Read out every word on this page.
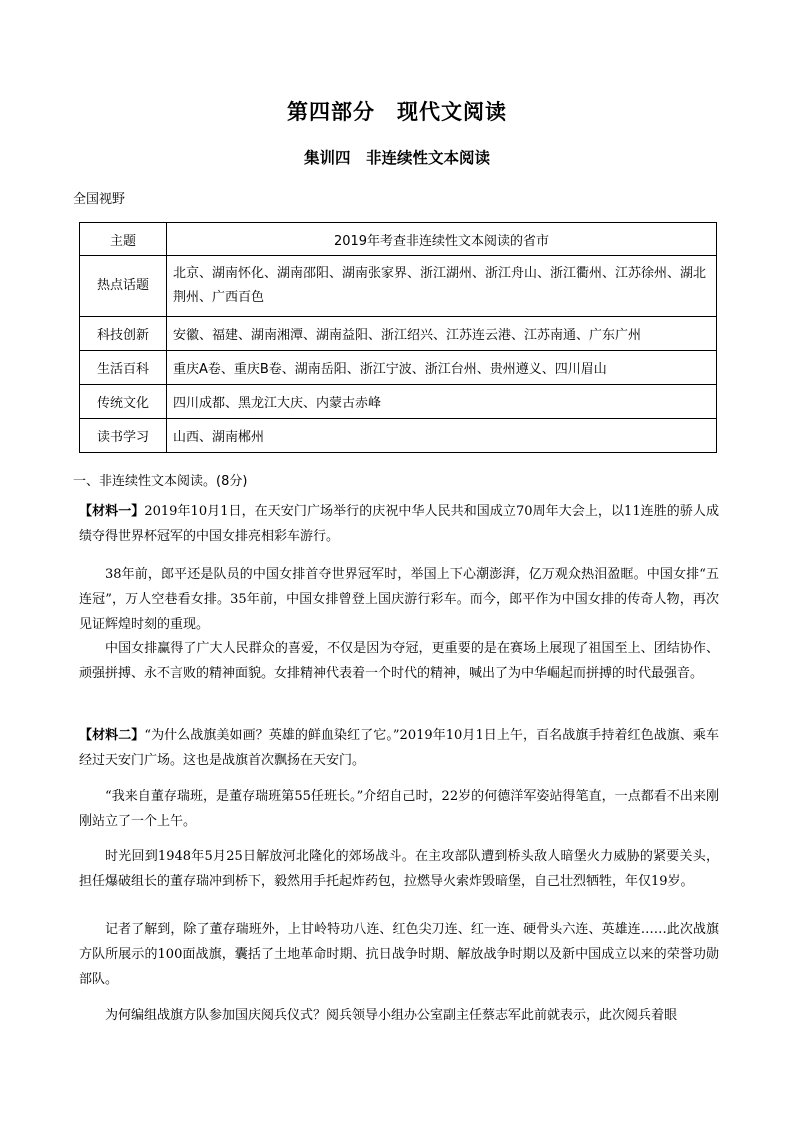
第四部分　现代文阅读
集训四　非连续性文本阅读
全国视野
主题	2019年考查非连续性文本阅读的省市
热点话题	北京、湖南怀化、湖南邵阳、湖南张家界、浙江湖州、浙江舟山、浙江衢州、江苏徐州、湖北荆州、广西百色
科技创新	安徽、福建、湖南湘潭、湖南益阳、浙江绍兴、江苏连云港、江苏南通、广东广州
生活百科	重庆A卷、重庆B卷、湖南岳阳、浙江宁波、浙江台州、贵州遵义、四川眉山
传统文化	四川成都、黑龙江大庆、内蒙古赤峰
读书学习	山西、湖南郴州
一、非连续性文本阅读。(8分)
【材料一】2019年10月1日，在天安门广场举行的庆祝中华人民共和国成立70周年大会上，以11连胜的骄人成绩夺得世界杯冠军的中国女排亮相彩车游行。
38年前，郎平还是队员的中国女排首夺世界冠军时，举国上下心潮澎湃，亿万观众热泪盈眶。中国女排“五连冠”，万人空巷看女排。35年前，中国女排曾登上国庆游行彩车。而今，郎平作为中国女排的传奇人物，再次见证辉煌时刻的重现。
中国女排赢得了广大人民群众的喜爱，不仅是因为夺冠，更重要的是在赛场上展现了祖国至上、团结协作、顽强拼搏、永不言败的精神面貌。女排精神代表着一个时代的精神，喊出了为中华崛起而拼搏的时代最强音。
【材料二】“为什么战旗美如画？英雄的鲜血染红了它。”2019年10月1日上午，百名战旗手持着红色战旗、乘车经过天安门广场。这也是战旗首次飘扬在天安门。
“我来自董存瑞班，是董存瑞班第55任班长。”介绍自己时，22岁的何德洋军姿站得笔直，一点都看不出来刚刚站立了一个上午。
时光回到1948年5月25日解放河北隆化的郊场战斗。在主攻部队遭到桥头敌人暗堡火力威胁的紧要关头，担任爆破组长的董存瑞冲到桥下，毅然用手托起炸药包，拉燃导火索炸毁暗堡，自己壮烈牺牲，年仅19岁。
记者了解到，除了董存瑞班外，上甘岭特功八连、红色尖刀连、红一连、硬骨头六连、英雄连……此次战旗方队所展示的100面战旗，囊括了土地革命时期、抗日战争时期、解放战争时期以及新中国成立以来的荣誉功勋部队。
为何编组战旗方队参加国庆阅兵仪式？阅兵领导小组办公室副主任蔡志军此前就表示，此次阅兵着眼
